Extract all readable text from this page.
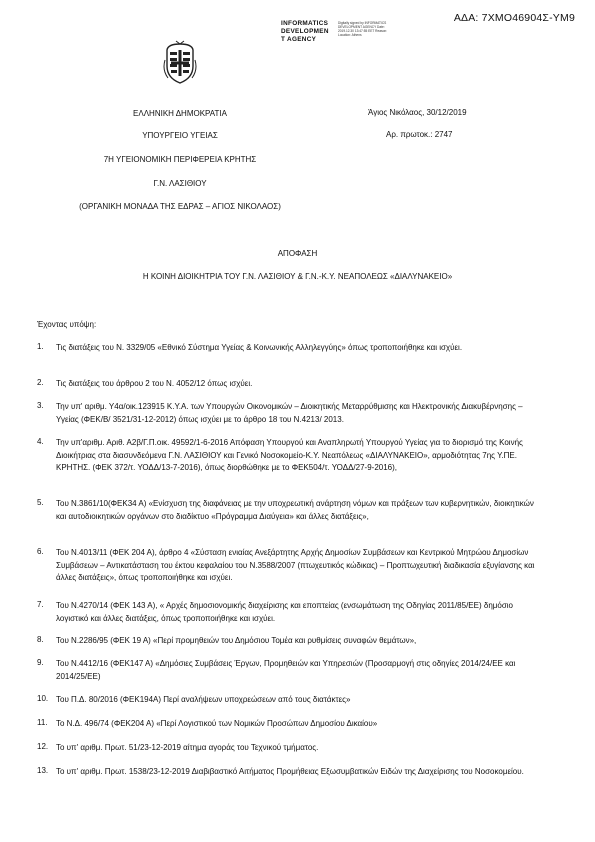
ΑΔΑ: 7ΧΜΟ46904Σ-ΥΜ9
INFORMATICS
DEVELOPMEN
T AGENCY
Digitally signed by INFORMATICS DEVELOPMENT AGENCY Date: 2019.12.30 13:47:55 EET Reason: Location: Athens
ΕΛΛΗΝΙΚΗ ΔΗΜΟΚΡΑΤΙΑ
ΥΠΟΥΡΓΕΙΟ ΥΓΕΙΑΣ
7Η ΥΓΕΙΟΝΟΜΙΚΗ ΠΕΡΙΦΕΡΕΙΑ ΚΡΗΤΗΣ
Γ.Ν. ΛΑΣΙΘΙΟΥ
(ΟΡΓΑΝΙΚΗ ΜΟΝΑΔΑ ΤΗΣ ΕΔΡΑΣ – ΑΓΙΟΣ ΝΙΚΟΛΑΟΣ)
Άγιος Νικόλαος, 30/12/2019
Αρ. πρωτοκ.: 2747
ΑΠΟΦΑΣΗ
Η ΚΟΙΝΗ ΔΙΟΙΚΗΤΡΙΑ ΤΟΥ Γ.Ν. ΛΑΣΙΘΙΟΥ & Γ.Ν.-Κ.Υ. ΝΕΑΠΟΛΕΩΣ «ΔΙΑΛΥΝΑΚΕΙΟ»
Έχοντας υπόψη:
1. Τις διατάξεις του Ν. 3329/05 «Εθνικό Σύστημα Υγείας & Κοινωνικής Αλληλεγγύης» όπως τροποποιήθηκε και ισχύει.
2. Τις διατάξεις του άρθρου 2 του Ν. 4052/12 όπως ισχύει.
3. Την υπ' αριθμ. Υ4α/οικ.123915 Κ.Υ.Α. των Υπουργών Οικονομικών – Διοικητικής Μεταρρύθμισης και Ηλεκτρονικής Διακυβέρνησης – Υγείας (ΦΕΚ/Β/ 3521/31-12-2012) όπως ισχύει με το άρθρο 18 του Ν.4213/ 2013.
4. Την υπ'αριθμ. Αριθ. Α2β/Γ.Π.οικ. 49592/1-6-2016 Απόφαση Υπουργού και Αναπληρωτή Υπουργού Υγείας για το διορισμό της Κοινής Διοικήτριας στα διασυνδεόμενα Γ.Ν. ΛΑΣΙΘΙΟΥ και Γενικό Νοσοκομείο-Κ.Υ. Νεαπόλεως «ΔΙΑΛΥΝΑΚΕΙΟ», αρμοδιότητας 7ης Υ.ΠΕ. ΚΡΗΤΗΣ. (ΦΕΚ 372/τ. ΥΟΔΔ/13-7-2016), όπως διορθώθηκε με το ΦΕΚ504/τ. ΥΟΔΔ/27-9-2016),
5. Του Ν.3861/10(ΦΕΚ34 Α) «Ενίσχυση της διαφάνειας με την υποχρεωτική ανάρτηση νόμων και πράξεων των κυβερνητικών, διοικητικών και αυτοδιοικητικών οργάνων στο διαδίκτυο «Πρόγραμμα Διαύγεια» και άλλες διατάξεις»,
6. Του Ν.4013/11 (ΦΕΚ 204 Α), άρθρο 4 «Σύσταση ενιαίας Ανεξάρτητης Αρχής Δημοσίων Συμβάσεων και Κεντρικού Μητρώου Δημοσίων Συμβάσεων – Αντικατάσταση του έκτου κεφαλαίου του Ν.3588/2007 (πτωχευτικός κώδικας) – Προπτωχευτική διαδικασία εξυγίανσης και άλλες διατάξεις», όπως τροποποιήθηκε και ισχύει.
7. Του Ν.4270/14 (ΦΕΚ 143 Α), « Αρχές δημοσιονομικής διαχείρισης και εποπτείας (ενσωμάτωση της Οδηγίας 2011/85/ΕΕ) δημόσιο λογιστικό και άλλες διατάξεις, όπως τροποποιήθηκε και ισχύει.
8. Του Ν.2286/95 (ΦΕΚ 19 Α) «Περί προμηθειών του Δημόσιου Τομέα και ρυθμίσεις συναφών θεμάτων»,
9. Του Ν.4412/16 (ΦΕΚ147 Α) «Δημόσιες Συμβάσεις Έργων, Προμηθειών και Υπηρεσιών (Προσαρμογή στις οδηγίες 2014/24/ΕΕ και 2014/25/ΕΕ)
10. Του Π.Δ. 80/2016 (ΦΕΚ194Α) Περί αναλήψεων υποχρεώσεων από τους διατάκτες»
11. Το Ν.Δ. 496/74 (ΦΕΚ204 Α) «Περί Λογιστικού των Νομικών Προσώπων Δημοσίου Δικαίου»
12. Το υπ' αριθμ. Πρωτ. 51/23-12-2019 αίτημα αγοράς του Τεχνικού τμήματος.
13. Το υπ' αριθμ. Πρωτ. 1538/23-12-2019 Διαβιβαστικό Αιτήματος Προμήθειας Εξωσυμβατικών Ειδών της Διαχείρισης του Νοσοκομείου.
